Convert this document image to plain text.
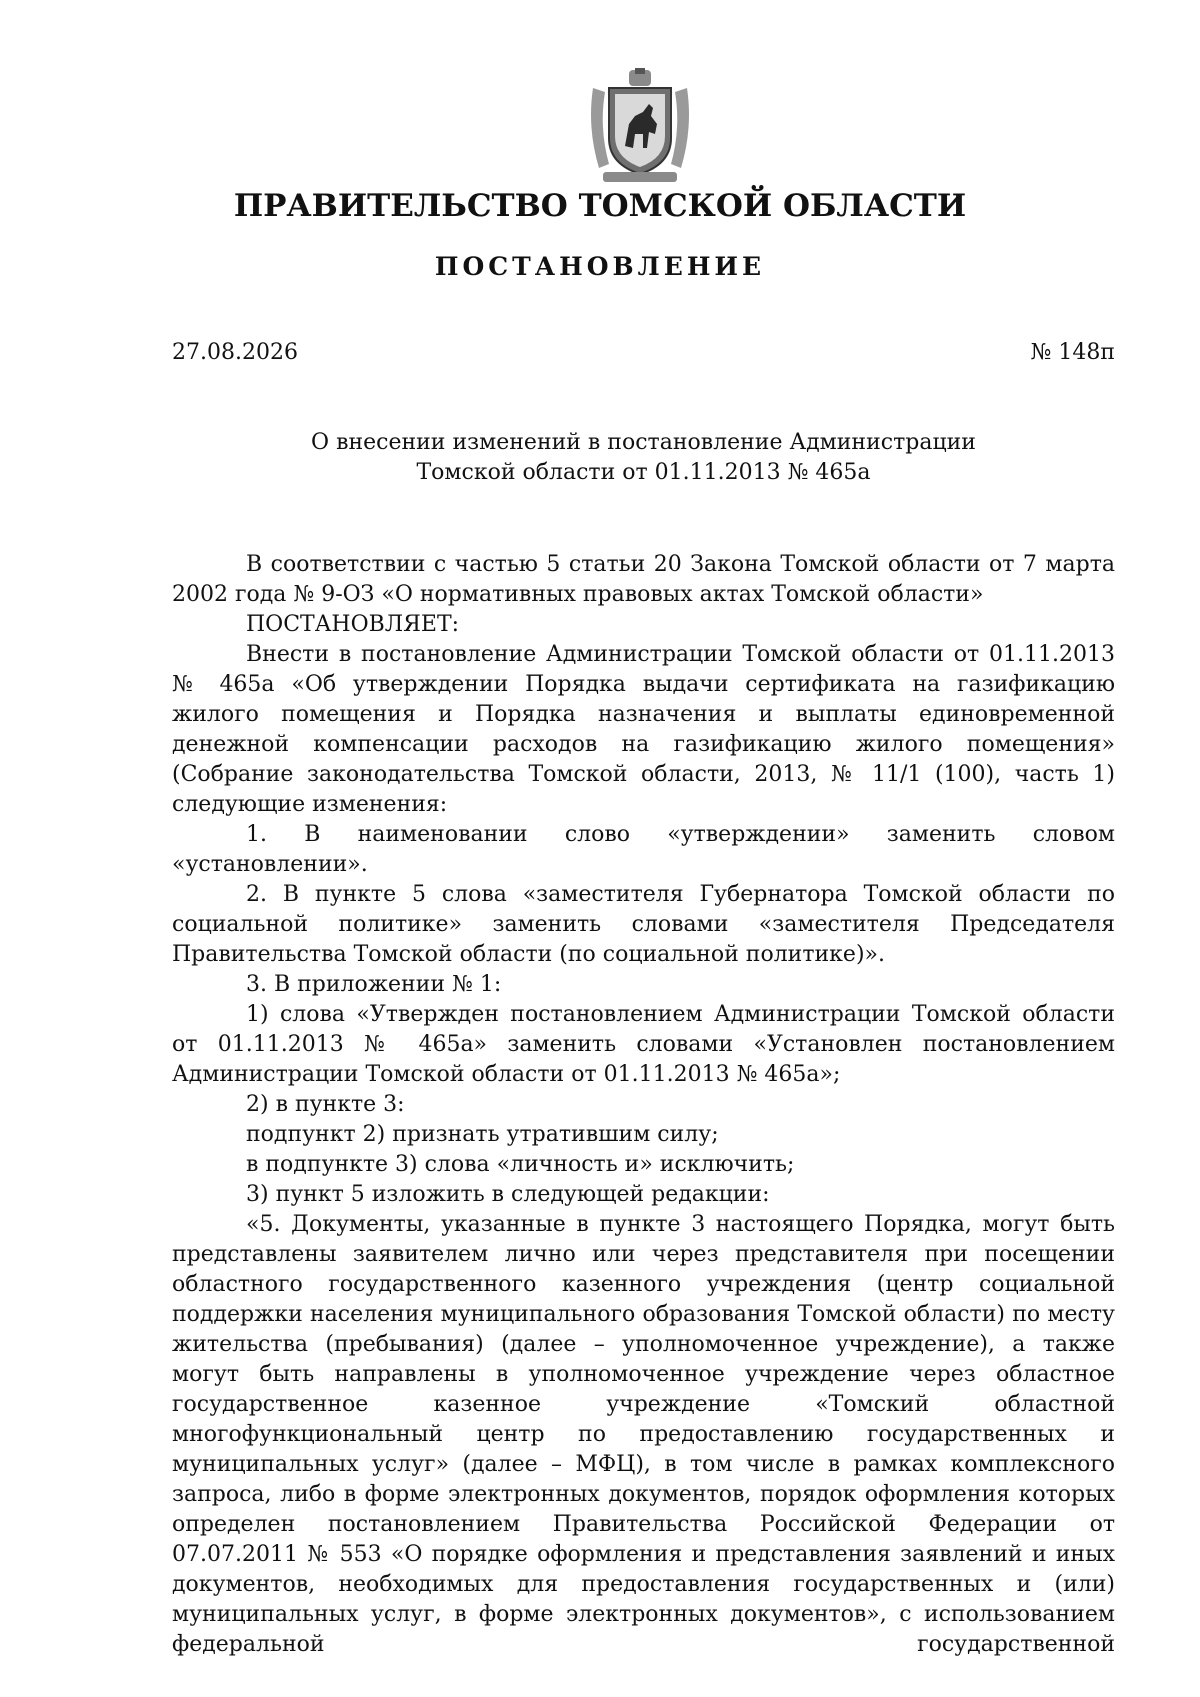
ПРАВИТЕЛЬСТВО ТОМСКОЙ ОБЛАСТИ
ПОСТАНОВЛЕНИЕ
27.08.2026	№ 148п
О внесении изменений в постановление Администрации
Томской области от 01.11.2013 № 465а

В соответствии с частью 5 статьи 20 Закона Томской области от 7 марта 2002 года № 9-ОЗ «О нормативных правовых актах Томской области»

ПОСТАНОВЛЯЕТ:

Внести в постановление Администрации Томской области от 01.11.2013 № 465а «Об утверждении Порядка выдачи сертификата на газификацию жилого помещения и Порядка назначения и выплаты единовременной денежной компенсации расходов на газификацию жилого помещения» (Собрание законодательства Томской области, 2013, № 11/1 (100), часть 1) следующие изменения:

1. В наименовании слово «утверждении» заменить словом «установлении».

2. В пункте 5 слова «заместителя Губернатора Томской области по социальной политике» заменить словами «заместителя Председателя Правительства Томской области (по социальной политике)».

3. В приложении № 1:

1) слова «Утвержден постановлением Администрации Томской области от 01.11.2013 № 465а» заменить словами «Установлен постановлением Администрации Томской области от 01.11.2013 № 465а»;

2) в пункте 3:

подпункт 2) признать утратившим силу;

в подпункте 3) слова «личность и» исключить;

3) пункт 5 изложить в следующей редакции:

«5. Документы, указанные в пункте 3 настоящего Порядка, могут быть представлены заявителем лично или через представителя при посещении областного государственного казенного учреждения (центр социальной поддержки населения муниципального образования Томской области) по месту жительства (пребывания) (далее – уполномоченное учреждение), а также могут быть направлены в уполномоченное учреждение через областное государственное казенное учреждение «Томский областной многофункциональный центр по предоставлению государственных и муниципальных услуг» (далее – МФЦ), в том числе в рамках комплексного запроса, либо в форме электронных документов, порядок оформления которых определен постановлением Правительства Российской Федерации от 07.07.2011 № 553 «О порядке оформления и представления заявлений и иных документов, необходимых для предоставления государственных и (или) муниципальных услуг, в форме электронных документов», с использованием федеральной государственной
